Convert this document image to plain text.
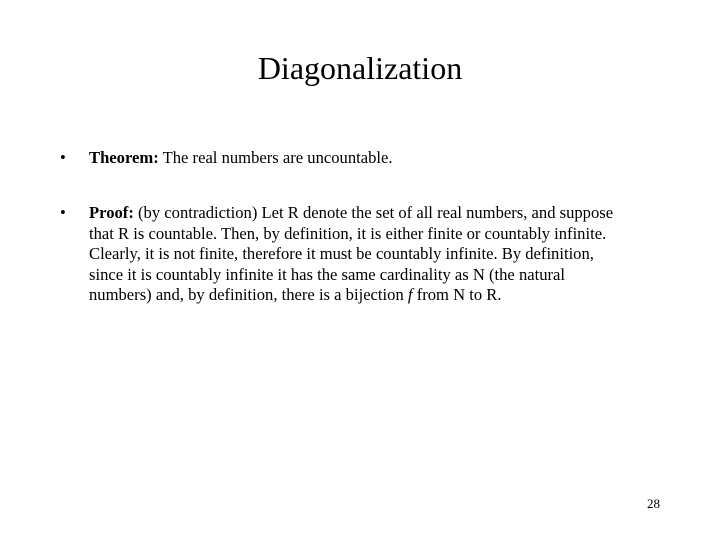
Diagonalization
•	Theorem: The real numbers are uncountable.
•	Proof: (by contradiction) Let R denote the set of all real numbers, and suppose
that R is countable. Then, by definition, it is either finite or countably infinite.
Clearly, it is not finite, therefore it must be countably infinite. By definition,
since it is countably infinite it has the same cardinality as N (the natural
numbers) and, by definition, there is a bijection f from N to R.
28
